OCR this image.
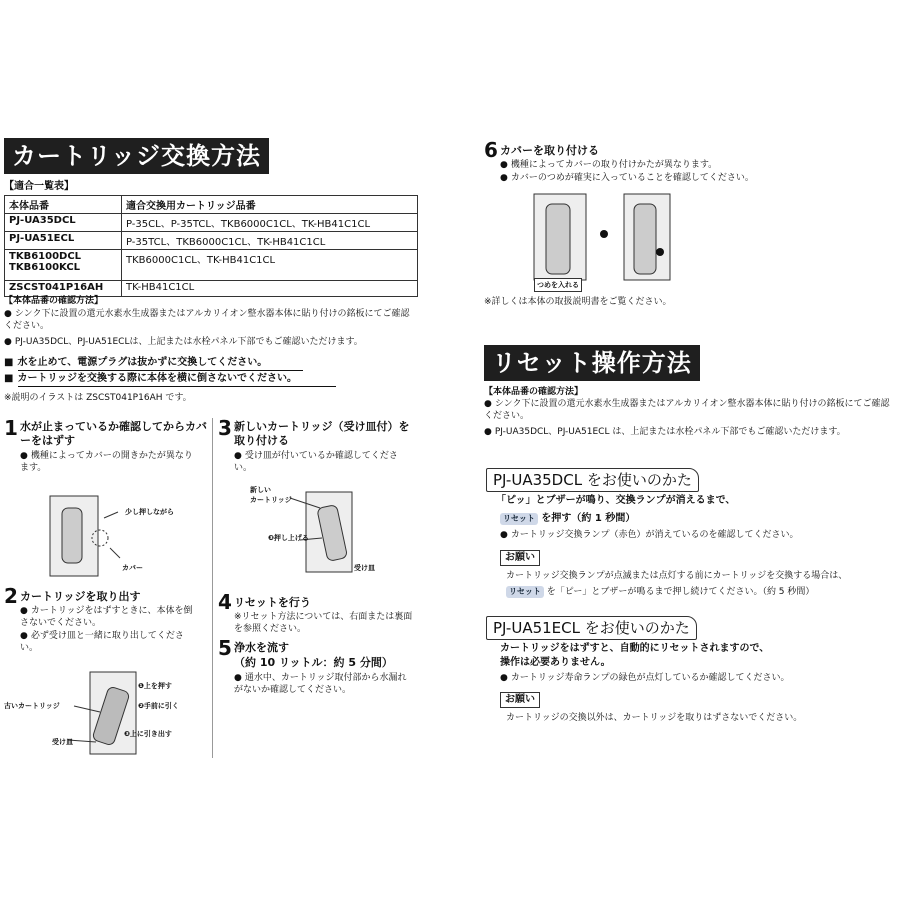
カートリッジ交換方法
【適合一覧表】
本体品番	適合交換用カートリッジ品番
PJ-UA35DCL	P-35CL、P-35TCL、TKB6000C1CL、TK-HB41C1CL
PJ-UA51ECL	P-35TCL、TKB6000C1CL、TK-HB41C1CL
TKB6100DCL
TKB6100KCL	TKB6000C1CL、TK-HB41C1CL
ZSCST041P16AH	TK-HB41C1CL
【本体品番の確認方法】
● シンク下に設置の還元水素水生成器またはアルカリイオン整水器本体に貼り付けの銘板にてご確認ください。
● PJ-UA35DCL、PJ-UA51ECLは、上記または水栓パネル下部でもご確認いただけます。
■ 水を止めて、電源プラグは抜かずに交換してください。
■ カートリッジを交換する際に本体を横に倒さないでください。
※説明のイラストは ZSCST041P16AH です。
1 水が止まっているか確認してからカバーをはずす
● 機種によってカバーの開きかたが異なります。
少し押しながら
カバー
2 カートリッジを取り出す
● カートリッジをはずすときに、本体を倒さないでください。
● 必ず受け皿と一緒に取り出してください。
古いカートリッジ
受け皿
❶上を押す
❷手前に引く
❸上に引き出す
3 新しいカートリッジ（受け皿付）を取り付ける
● 受け皿が付いているか確認してください。
新しい
カートリッジ
❸押し上げる
受け皿
4 リセットを行う
※リセット方法については、右面または裏面を参照ください。
5 浄水を流す
（約 10 リットル：約 5 分間）
● 通水中、カートリッジ取付部から水漏れがないか確認してください。
6 カバーを取り付ける
● 機種によってカバーの取り付けかたが異なります。
● カバーのつめが確実に入っていることを確認してください。
つめを入れる
※詳しくは本体の取扱説明書をご覧ください。
リセット操作方法
【本体品番の確認方法】
● シンク下に設置の還元水素水生成器またはアルカリイオン整水器本体に貼り付けの銘板にてご確認ください。
● PJ-UA35DCL、PJ-UA51ECL は、上記または水栓パネル下部でもご確認いただけます。
PJ-UA35DCL をお使いのかた
「ピッ」とブザーが鳴り、交換ランプが消えるまで、
リセット を押す（約 1 秒間）
● カートリッジ交換ランプ（赤色）が消えているのを確認してください。
お願い
カートリッジ交換ランプが点滅または点灯する前にカートリッジを交換する場合は、
リセット を「ピー」とブザーが鳴るまで押し続けてください。（約 5 秒間）
PJ-UA51ECL をお使いのかた
カートリッジをはずすと、自動的にリセットされますので、
操作は必要ありません。
● カートリッジ寿命ランプの緑色が点灯しているか確認してください。
お願い
カートリッジの交換以外は、カートリッジを取りはずさないでください。
